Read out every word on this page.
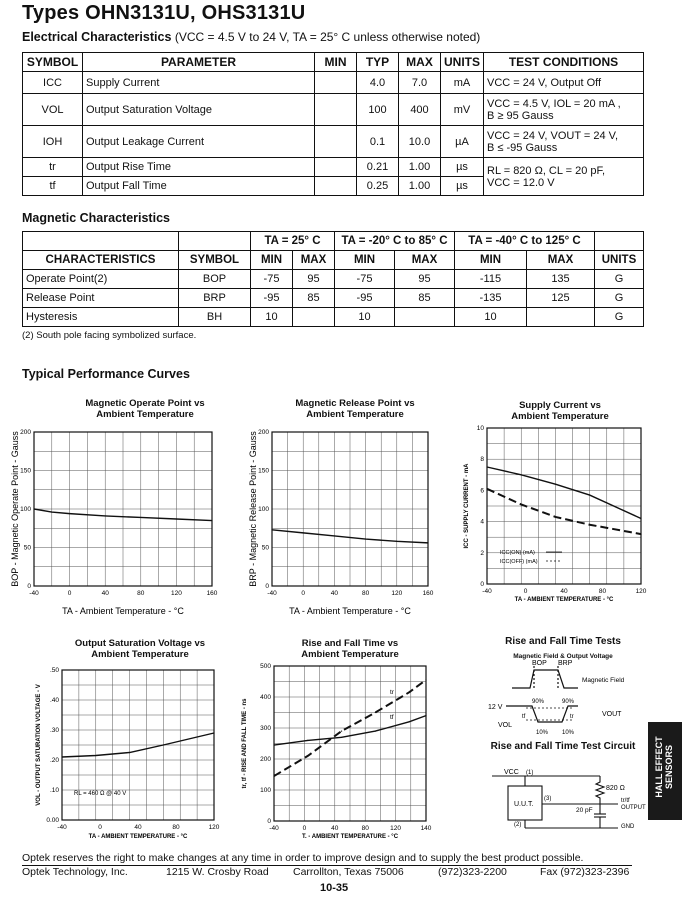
Types OHN3131U, OHS3131U
Electrical Characteristics (VCC = 4.5 V to 24 V, TA = 25° C unless otherwise noted)
SYMBOL	PARAMETER	MIN	TYP	MAX	UNITS	TEST CONDITIONS
ICC	Supply Current		4.0	7.0	mA	VCC = 24 V, Output Off
VOL	Output Saturation Voltage		100	400	mV	VCC = 4.5 V, IOL = 20 mA ,
B ≥ 95 Gauss

IOH	Output Leakage Current		0.1	10.0	µA	VCC = 24 V, VOUT = 24 V,
B ≤ -95 Gauss

tr	Output Rise Time		0.21	1.00	µs	RL = 820 Ω, CL = 20 pF,
VCC = 12.0 V

tf	Output Fall Time		0.25	1.00	µs	
Magnetic Characteristics
		TA = 25° C		TA = -20° C to 85° C		TA = -40° C to 125° C		
CHARACTERISTICS	SYMBOL	MIN	MAX	MIN	MAX	MIN	MAX	UNITS
Operate Point(2)	BOP	-75	95	-75	95	-115	135	G
Release Point	BRP	-95	85	-95	85	-135	125	G
Hysteresis	BH	10		10		10		G
(2) South pole facing symbolized surface.
Typical Performance Curves
Magnetic Operate Point vs
Ambient Temperature
Magnetic Release Point vs
Ambient Temperature
Supply Current vs
Ambient Temperature
Output Saturation Voltage vs
Ambient Temperature
Rise and Fall Time vs
Ambient Temperature
-40	0	40	80	120	160
0
50
100
150
200
TA - Ambient Temperature - °C
BOP - Magnetic Operate Point - Gauss
-40	0	40	80	120	160
0
50
100
150
200
TA - Ambient Temperature - °C
BRP - Magnetic Release Point - Gauss
-40	0	40	80	120
0
2
4
6
8
10
TA - AMBIENT TEMPERATURE - °C
ICC - SUPPLY CURRENT - mA
-40	0	40	80	120
0.00
.10
.20
.30
.40
.50
TA - AMBIENT TEMPERATURE - °C
VOL - OUTPUT SATURATION VOLTAGE - V
-40	0	40	80	120	140
0
100
200
300
400
500
T. - AMBIENT TEMPERATURE - °C
tr, tf - RISE AND FALL TIME - ns
ICC(ON) (mA)
ICC(OFF) (mA)
RL = 460 Ω @ 40 V
tr
tf
Rise and Fall Time Tests
Magnetic Field & Output Voltage
Rise and Fall Time Test Circuit
BOP BRP
Magnetic Field
12 V
VOL
VOUT
90%	90%
10% 10%
tf	tr
VCC (1)
(3)
(2)
U.U.T.
820 Ω
20 pF
tr/tf
OUTPUT
GND
HALL EFFECT SENSORS
Optek reserves the right to make changes at any time in order to improve design and to supply the best product possible.
Optek Technology, Inc.	1215 W. Crosby Road Carrollton, Texas 75006	(972)323-2200	Fax (972)323-2396
10-35
